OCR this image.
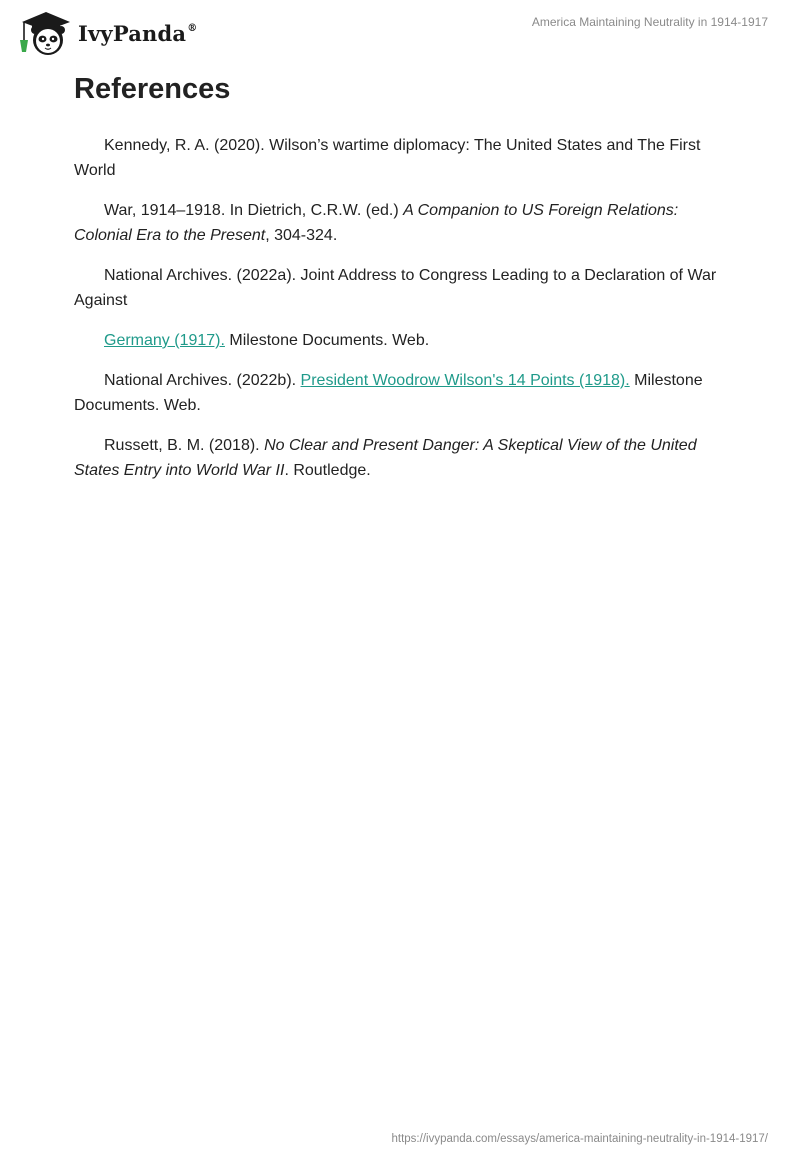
IvyPanda®	America Maintaining Neutrality in 1914-1917
References

Kennedy, R. A. (2020). Wilson’s wartime diplomacy: The United States and The First World

War, 1914–1918. In Dietrich, C.R.W. (ed.) A Companion to US Foreign Relations: Colonial Era to the Present, 304-324.

National Archives. (2022a). Joint Address to Congress Leading to a Declaration of War Against

Germany (1917). Milestone Documents. Web.

National Archives. (2022b). President Woodrow Wilson's 14 Points (1918). Milestone Documents. Web.

Russett, B. M. (2018). No Clear and Present Danger: A Skeptical View of the United States Entry into World War II. Routledge.

https://ivypanda.com/essays/america-maintaining-neutrality-in-1914-1917/
